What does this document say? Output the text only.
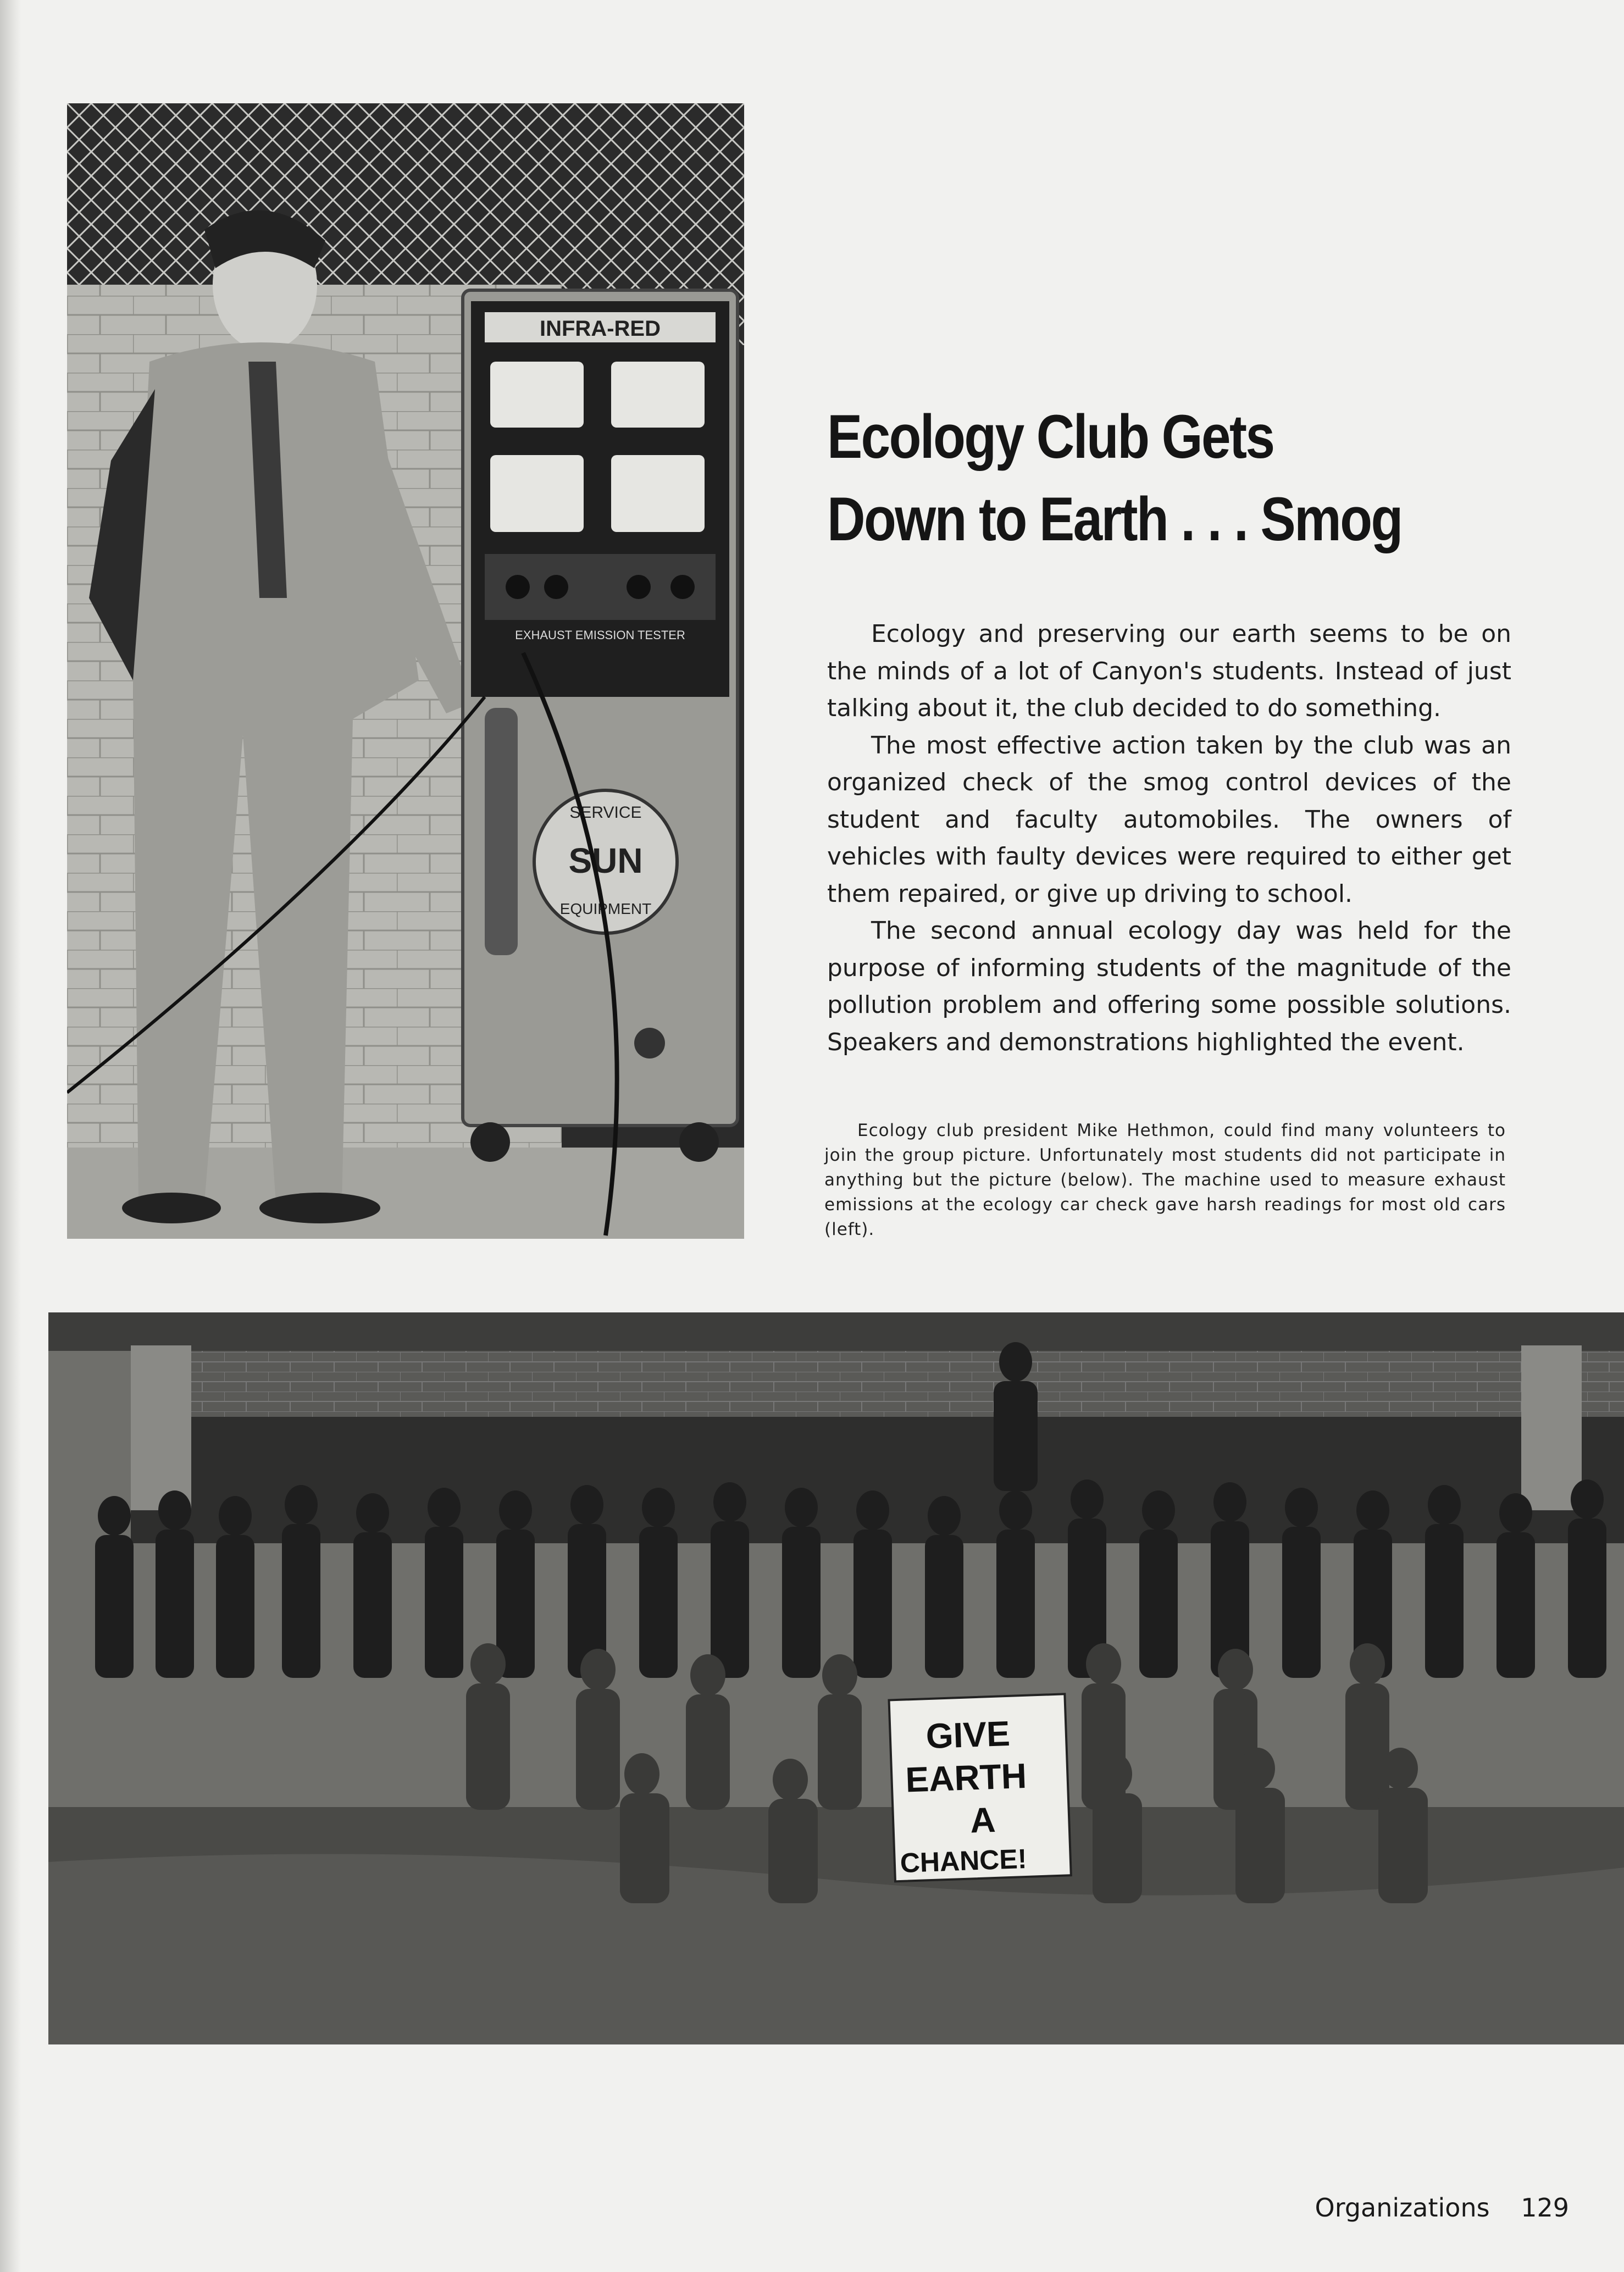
INFRA-RED
EXHAUST EMISSION TESTER
SERVICE
SUN
EQUIPMENT
Ecology Club Gets
Down to Earth . . . Smog

Ecology and preserving our earth seems to be on the minds of a lot of Canyon's students. Instead of just talking about it, the club decided to do something.

The most effective action taken by the club was an organized check of the smog control devices of the student and faculty automobiles. The owners of vehicles with faulty devices were required to either get them repaired, or give up driving to school.

The second annual ecology day was held for the purpose of informing students of the magnitude of the pollution problem and offering some possible solutions. Speakers and demonstrations highlighted the event.

Ecology club president Mike Hethmon, could find many volunteers to join the group picture. Unfortunately most students did not participate in anything but the picture (below). The machine used to measure exhaust emissions at the ecology car check gave harsh readings for most old cars (left).
GIVE
EARTH
A
CHANCE!
Organizations 129
